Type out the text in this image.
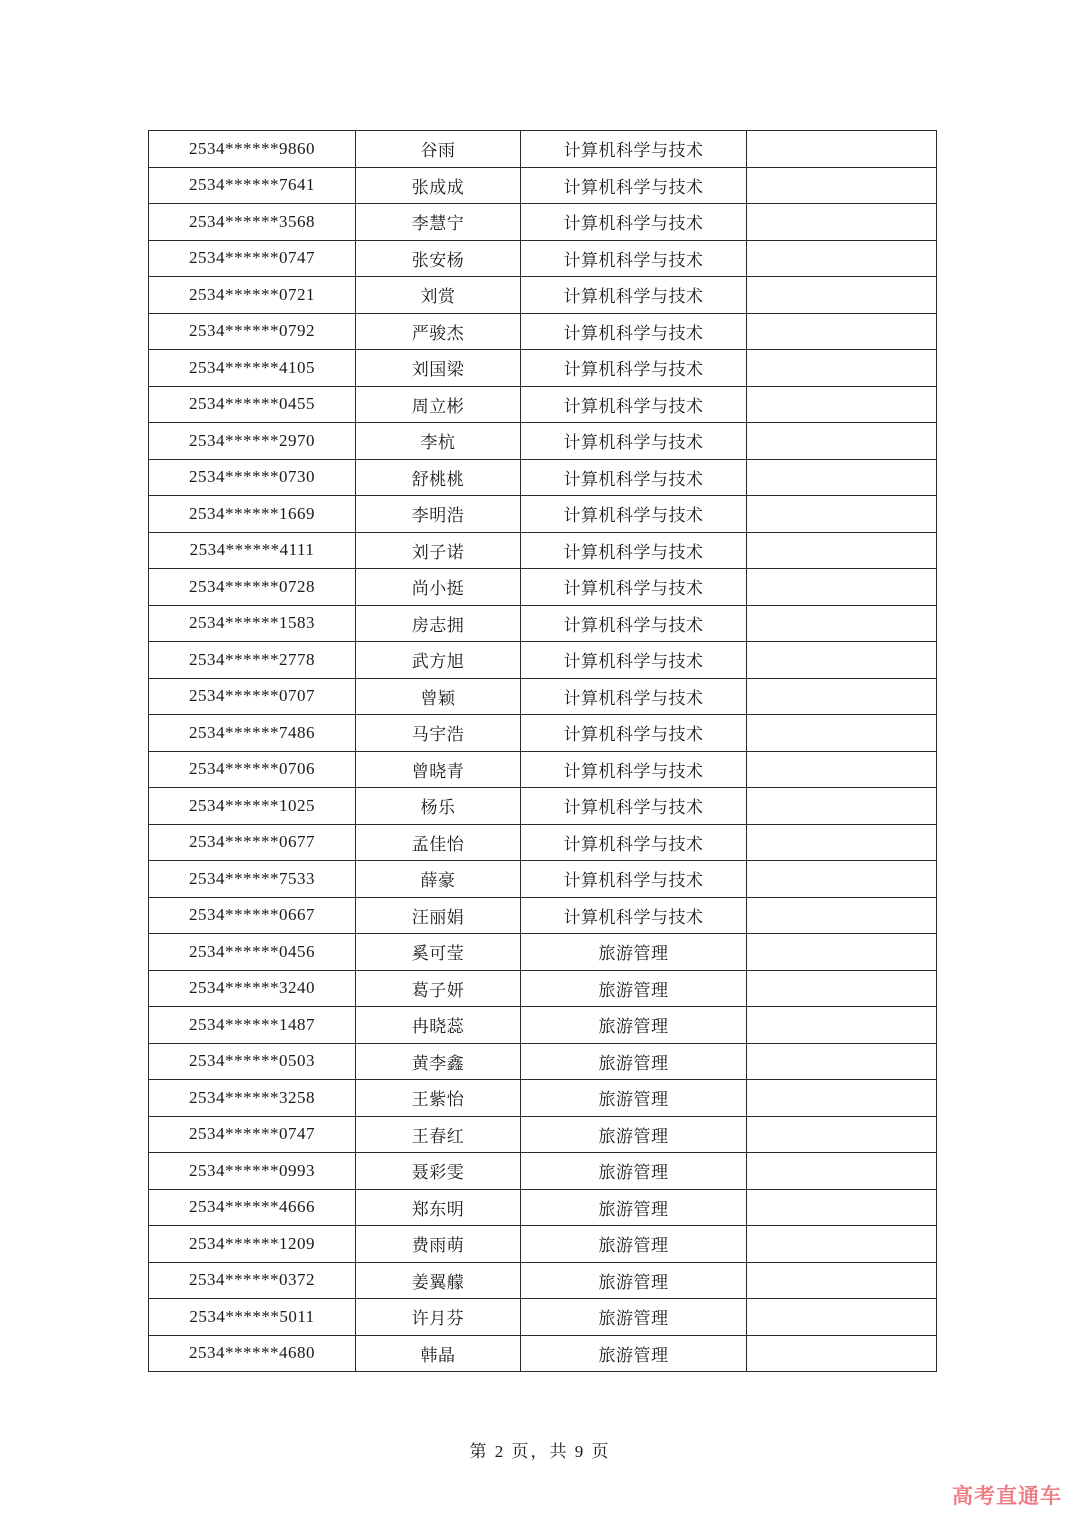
2534******9860	谷雨	计算机科学与技术	
2534******7641	张成成	计算机科学与技术	
2534******3568	李慧宁	计算机科学与技术	
2534******0747	张安杨	计算机科学与技术	
2534******0721	刘赏	计算机科学与技术	
2534******0792	严骏杰	计算机科学与技术	
2534******4105	刘国梁	计算机科学与技术	
2534******0455	周立彬	计算机科学与技术	
2534******2970	李杭	计算机科学与技术	
2534******0730	舒桃桃	计算机科学与技术	
2534******1669	李明浩	计算机科学与技术	
2534******4111	刘子诺	计算机科学与技术	
2534******0728	尚小挺	计算机科学与技术	
2534******1583	房志拥	计算机科学与技术	
2534******2778	武方旭	计算机科学与技术	
2534******0707	曾颖	计算机科学与技术	
2534******7486	马宇浩	计算机科学与技术	
2534******0706	曾晓青	计算机科学与技术	
2534******1025	杨乐	计算机科学与技术	
2534******0677	孟佳怡	计算机科学与技术	
2534******7533	薛豪	计算机科学与技术	
2534******0667	汪丽娟	计算机科学与技术	
2534******0456	奚可莹	旅游管理	
2534******3240	葛子妍	旅游管理	
2534******1487	冉晓蕊	旅游管理	
2534******0503	黄李鑫	旅游管理	
2534******3258	王紫怡	旅游管理	
2534******0747	王春红	旅游管理	
2534******0993	聂彩雯	旅游管理	
2534******4666	郑东明	旅游管理	
2534******1209	费雨萌	旅游管理	
2534******0372	姜翼艨	旅游管理	
2534******5011	许月芬	旅游管理	
2534******4680	韩晶	旅游管理	
第 2 页，共 9 页
高考直通车
